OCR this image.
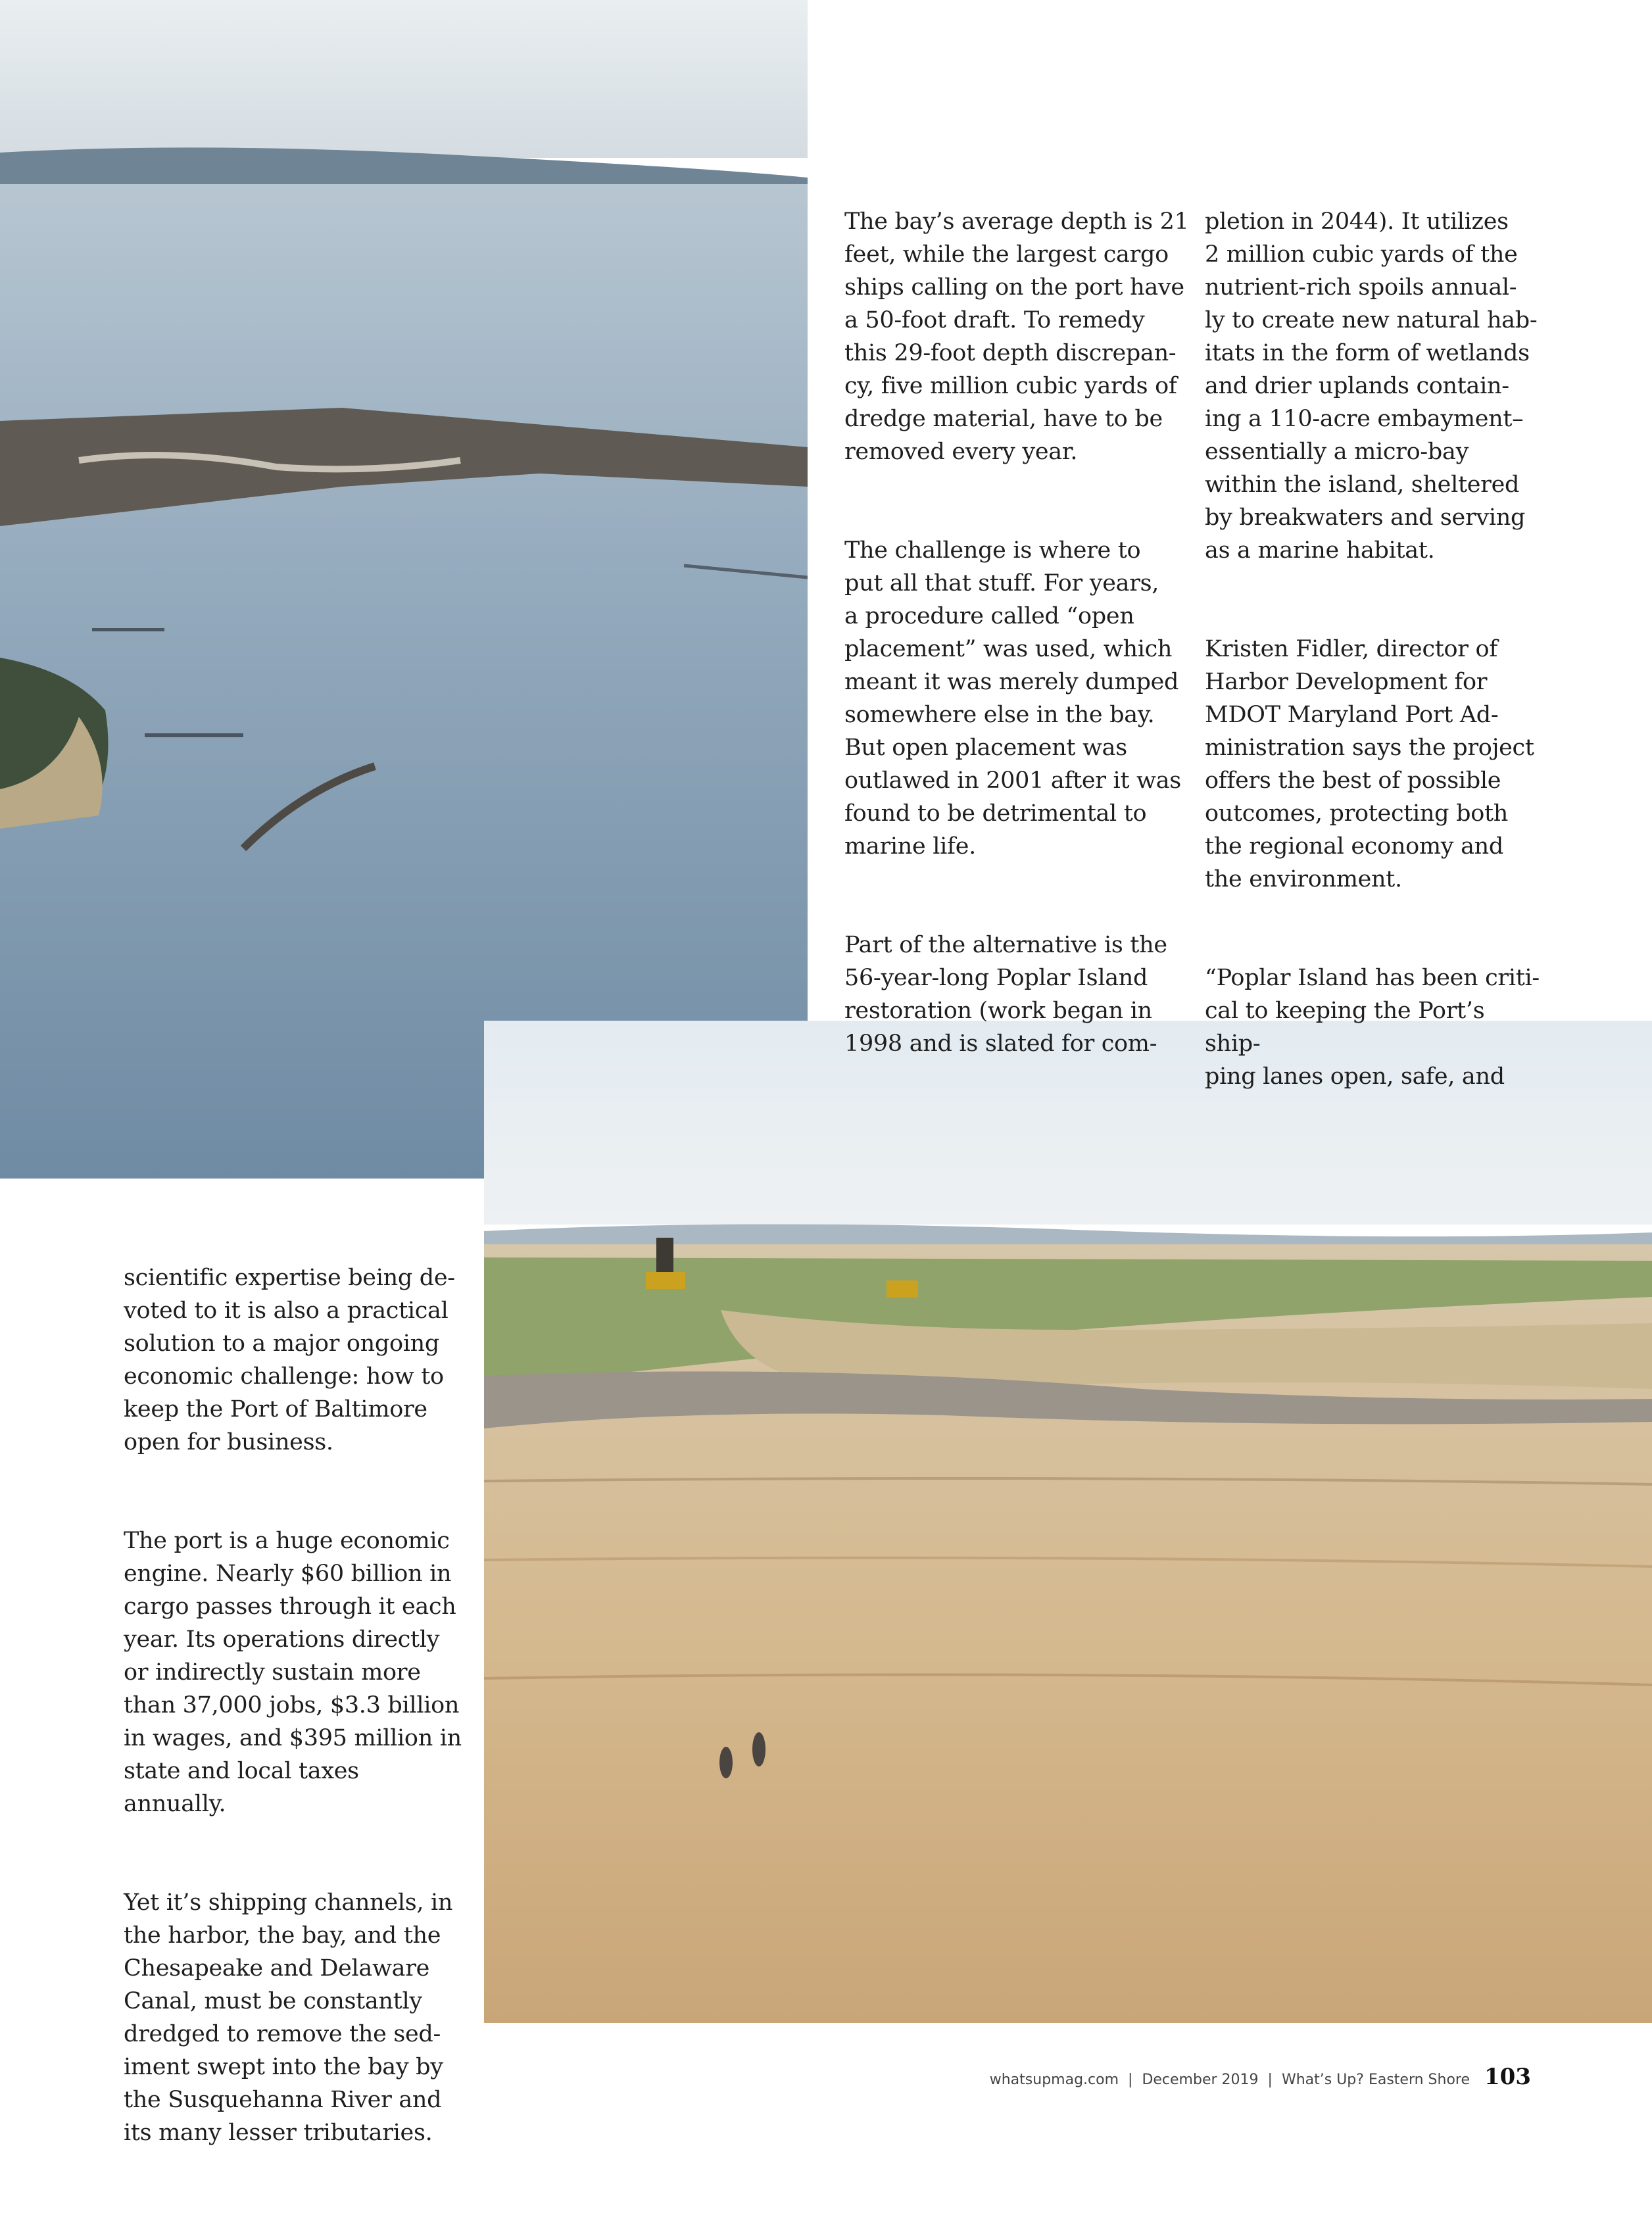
The bay’s average depth is 21
feet, while the largest cargo
ships calling on the port have
a 50-foot draft. To remedy
this 29-foot depth discrepan-
cy, five million cubic yards of
dredge material, have to be
removed every year.

The challenge is where to
put all that stuff. For years,
a procedure called “open
placement” was used, which
meant it was merely dumped
somewhere else in the bay.
But open placement was
outlawed in 2001 after it was
found to be detrimental to
marine life.

Part of the alternative is the
56-year-long Poplar Island
restoration (work began in
1998 and is slated for com-

pletion in 2044). It utilizes
2 million cubic yards of the
nutrient-rich spoils annual-
ly to create new natural hab-
itats in the form of wetlands
and drier uplands contain-
ing a 110-acre embayment–
essentially a micro-bay
within the island, sheltered
by breakwaters and serving
as a marine habitat.

Kristen Fidler, director of
Harbor Development for
MDOT Maryland Port Ad-
ministration says the project
offers the best of possible
outcomes, protecting both
the regional economy and
the environment.

“Poplar Island has been criti-
cal to keeping the Port’s ship-
ping lanes open, safe, and

scientific expertise being de-
voted to it is also a practical
solution to a major ongoing
economic challenge: how to
keep the Port of Baltimore
open for business.

The port is a huge economic
engine. Nearly $60 billion in
cargo passes through it each
year. Its operations directly
or indirectly sustain more
than 37,000 jobs, $3.3 billion
in wages, and $395 million in
state and local taxes annually.

Yet it’s shipping channels, in
the harbor, the bay, and the
Chesapeake and Delaware
Canal, must be constantly
dredged to remove the sed-
iment swept into the bay by
the Susquehanna River and
its many lesser tributaries.

whatsupmag.com | December 2019 | What’s Up? Eastern Shore 103
